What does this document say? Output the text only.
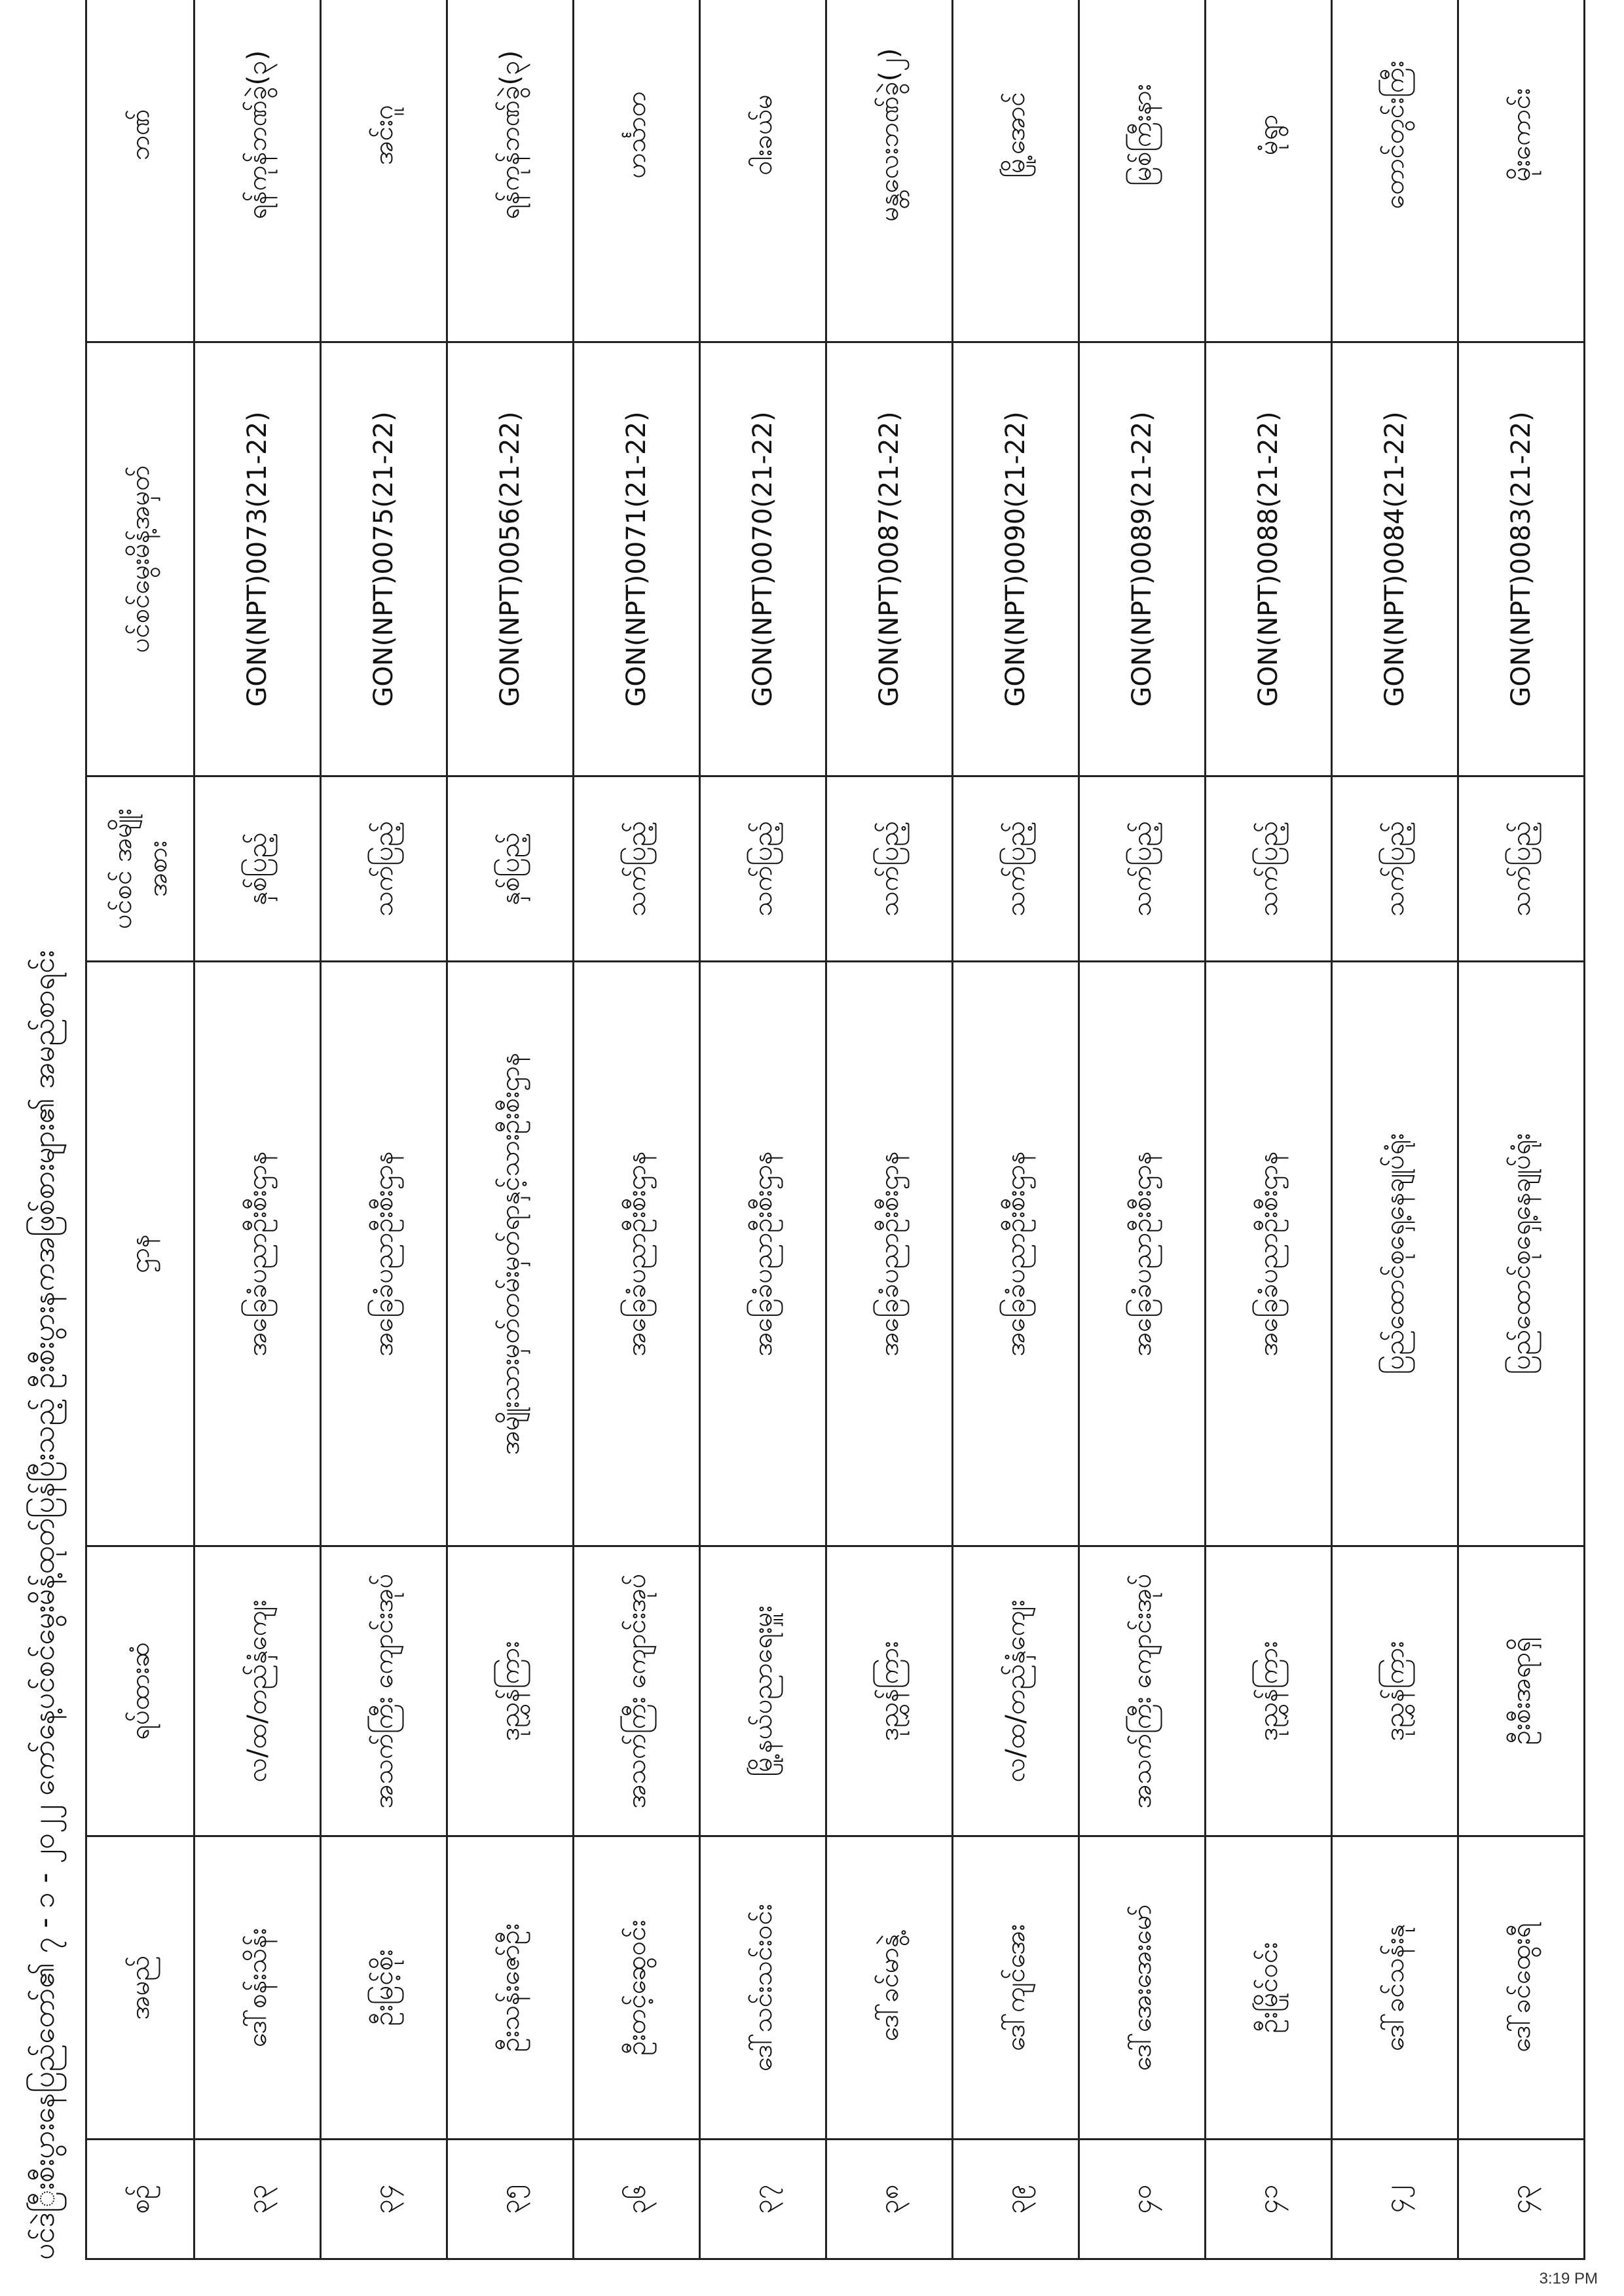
ပင်ဒဲြီးစီးပွားနေပြည်တော်၏ ၇ - ၁ - ၂၀၂၂ ကော်နေ့ပင်စင်မွေးမိန့်ထုတ်ပြန်ပြီးသည့် ဦးစီးပွားနကအဖြစ်စားများ၏ အမည်စာရင်း စဉ်	အမည်	ရပ်ထားဆံ	ဌာန	ပင်စင် အမျိုးအစား	ပင်စင်မွေးမိန့်အမှတ်	ဘဏ်
၃၃	ဒေါ်စန်းသိန်း	လ/ထ/တည်နှံကျေး	အခြေခံပညာဦးစီးဌာန	နှစ်ပြည့်	GON(NPT)0073(21-22)	ရန်ကုန်ဘဏ်ခွဲ(၃)
၃၄	ဦးမြင့်စိုး	အသက်ကြီး ကျောင်းအုပ်	အခြေခံပညာဦးစီးဌာန	သက်ပြည့်	GON(NPT)0075(21-22)	အင်းဂူ
၃၅	ဦးသန်းဇော်ဦး	ဒုညွှန်ကြား	အမျိုးသားမှတ်တမ်းမှတ်ရာနှင့်သားဦးစီးဌာန	နှစ်ပြည့်	GON(NPT)0056(21-22)	ရန်ကုန်ဘဏ်ခွဲ(၃)
၃၆	ဦးတင့်ဆွေဝင်း	အသက်ကြီး ကျောင်းအုပ်	အခြေခံပညာဦးစီးဌာန	သက်ပြည့်	GON(NPT)0071(21-22)	ဟင်္သာတ
၃၇	ဒေါ်သင်းသင်းဝင်း	မြို့နယ်ပညာရေးမှူး	အခြေခံပညာဦးစီးဌာန	သက်ပြည့်	GON(NPT)0070(21-22)	ဝါးခယ်မ
၃၈	ဒေါ်ခင်မာနွဲ့	ဒုညွှန်ကြား	အခြေခံပညာဦးစီးဌာန	သက်ပြည့်	GON(NPT)0087(21-22)	မန္တလေးဘဏ်ခွဲ(၂)
၃၉	ဒေါ်ကျင်အေး	လ/ထ/တည်နှံကျေး	အခြေခံပညာဦးစီးဌာန	သက်ပြည့်	GON(NPT)0090(21-22)	မြို့အောင်
၄၀	ဒေါ်အေးအေးမော်	အသက်ကြီး ကျောင်းအုပ်	အခြေခံပညာဦးစီးဌာန	သက်ပြည့်	GON(NPT)0089(21-22)	မြစ်ကြီးနား
၄၁	ဦးမြိုင်ဝင်း	ဒုညွှန်ကြား	အခြေခံပညာဦးစီးဌာန	သက်ပြည့်	GON(NPT)0088(21-22)	မုံရွာ
၄၂	ဒေါ်ခင်သန်းနု	ဒုညွှန်ကြား	ပြည်ထောင်စုရှေ့နေချုပ်ရုံး	သက်ပြည့်	GON(NPT)0084(21-22)	တောင်တွင်းကြီး
၄၃	ဒေါ်ခင်ထွေးရီ	ဦးစီးအရာရှိ	ပြည်ထောင်စုရှေ့နေချုပ်ရုံး	သက်ပြည့်	GON(NPT)0083(21-22)	မိုးကောင်း
3:19 PM
